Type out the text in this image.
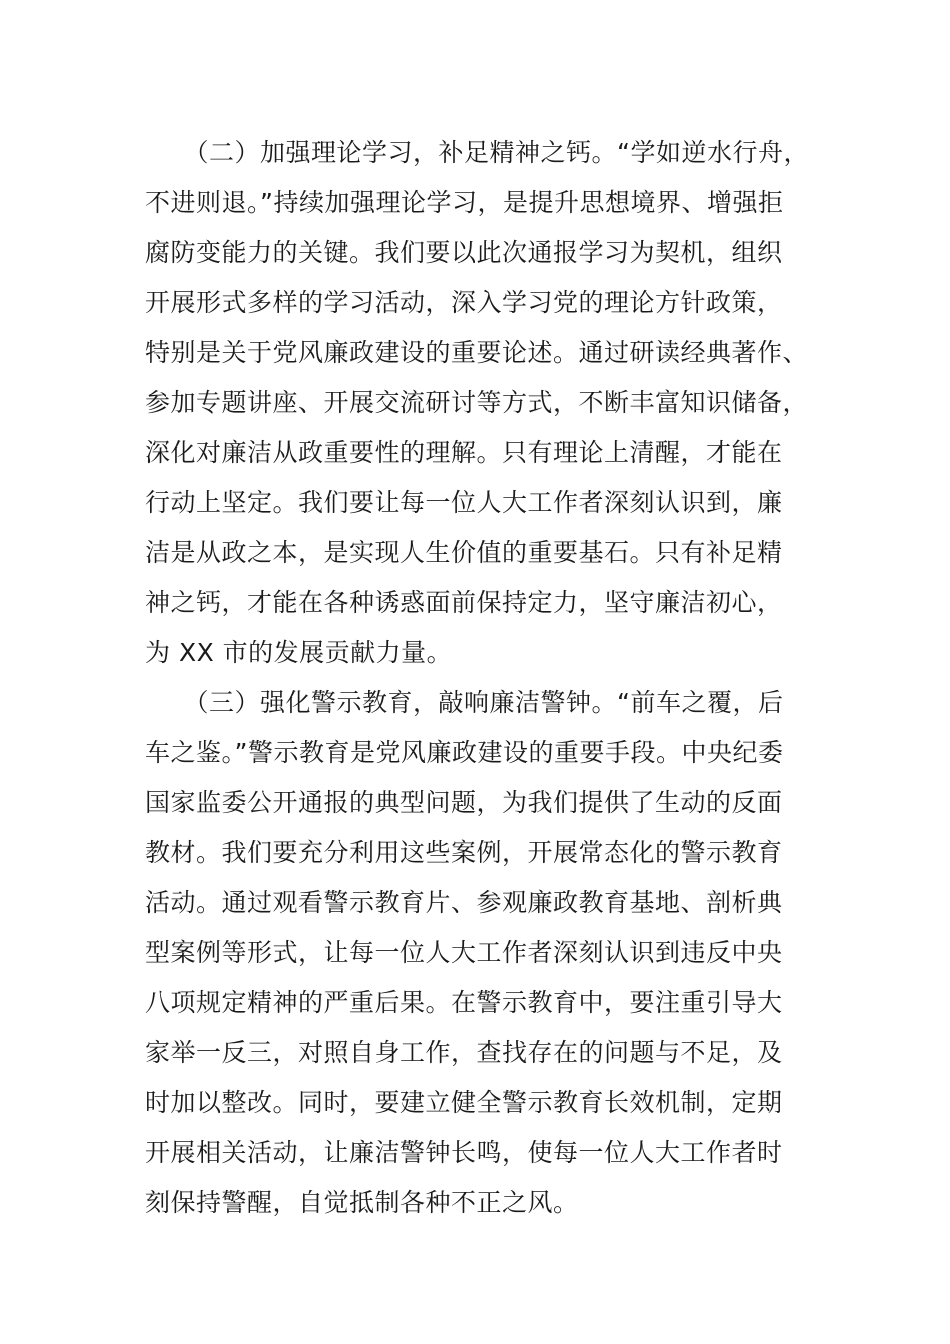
　　（二）加强理论学习，补足精神之钙。“学如逆水行舟，
不进则退。”持续加强理论学习，是提升思想境界、增强拒
腐防变能力的关键。我们要以此次通报学习为契机，组织
开展形式多样的学习活动，深入学习党的理论方针政策，
特别是关于党风廉政建设的重要论述。通过研读经典著作、
参加专题讲座、开展交流研讨等方式，不断丰富知识储备，
深化对廉洁从政重要性的理解。只有理论上清醒，才能在
行动上坚定。我们要让每一位人大工作者深刻认识到，廉
洁是从政之本，是实现人生价值的重要基石。只有补足精
神之钙，才能在各种诱惑面前保持定力，坚守廉洁初心，
为 XX 市的发展贡献力量。
　　（三）强化警示教育，敲响廉洁警钟。“前车之覆，后
车之鉴。”警示教育是党风廉政建设的重要手段。中央纪委
国家监委公开通报的典型问题，为我们提供了生动的反面
教材。我们要充分利用这些案例，开展常态化的警示教育
活动。通过观看警示教育片、参观廉政教育基地、剖析典
型案例等形式，让每一位人大工作者深刻认识到违反中央
八项规定精神的严重后果。在警示教育中，要注重引导大
家举一反三，对照自身工作，查找存在的问题与不足，及
时加以整改。同时，要建立健全警示教育长效机制，定期
开展相关活动，让廉洁警钟长鸣，使每一位人大工作者时
刻保持警醒，自觉抵制各种不正之风。
